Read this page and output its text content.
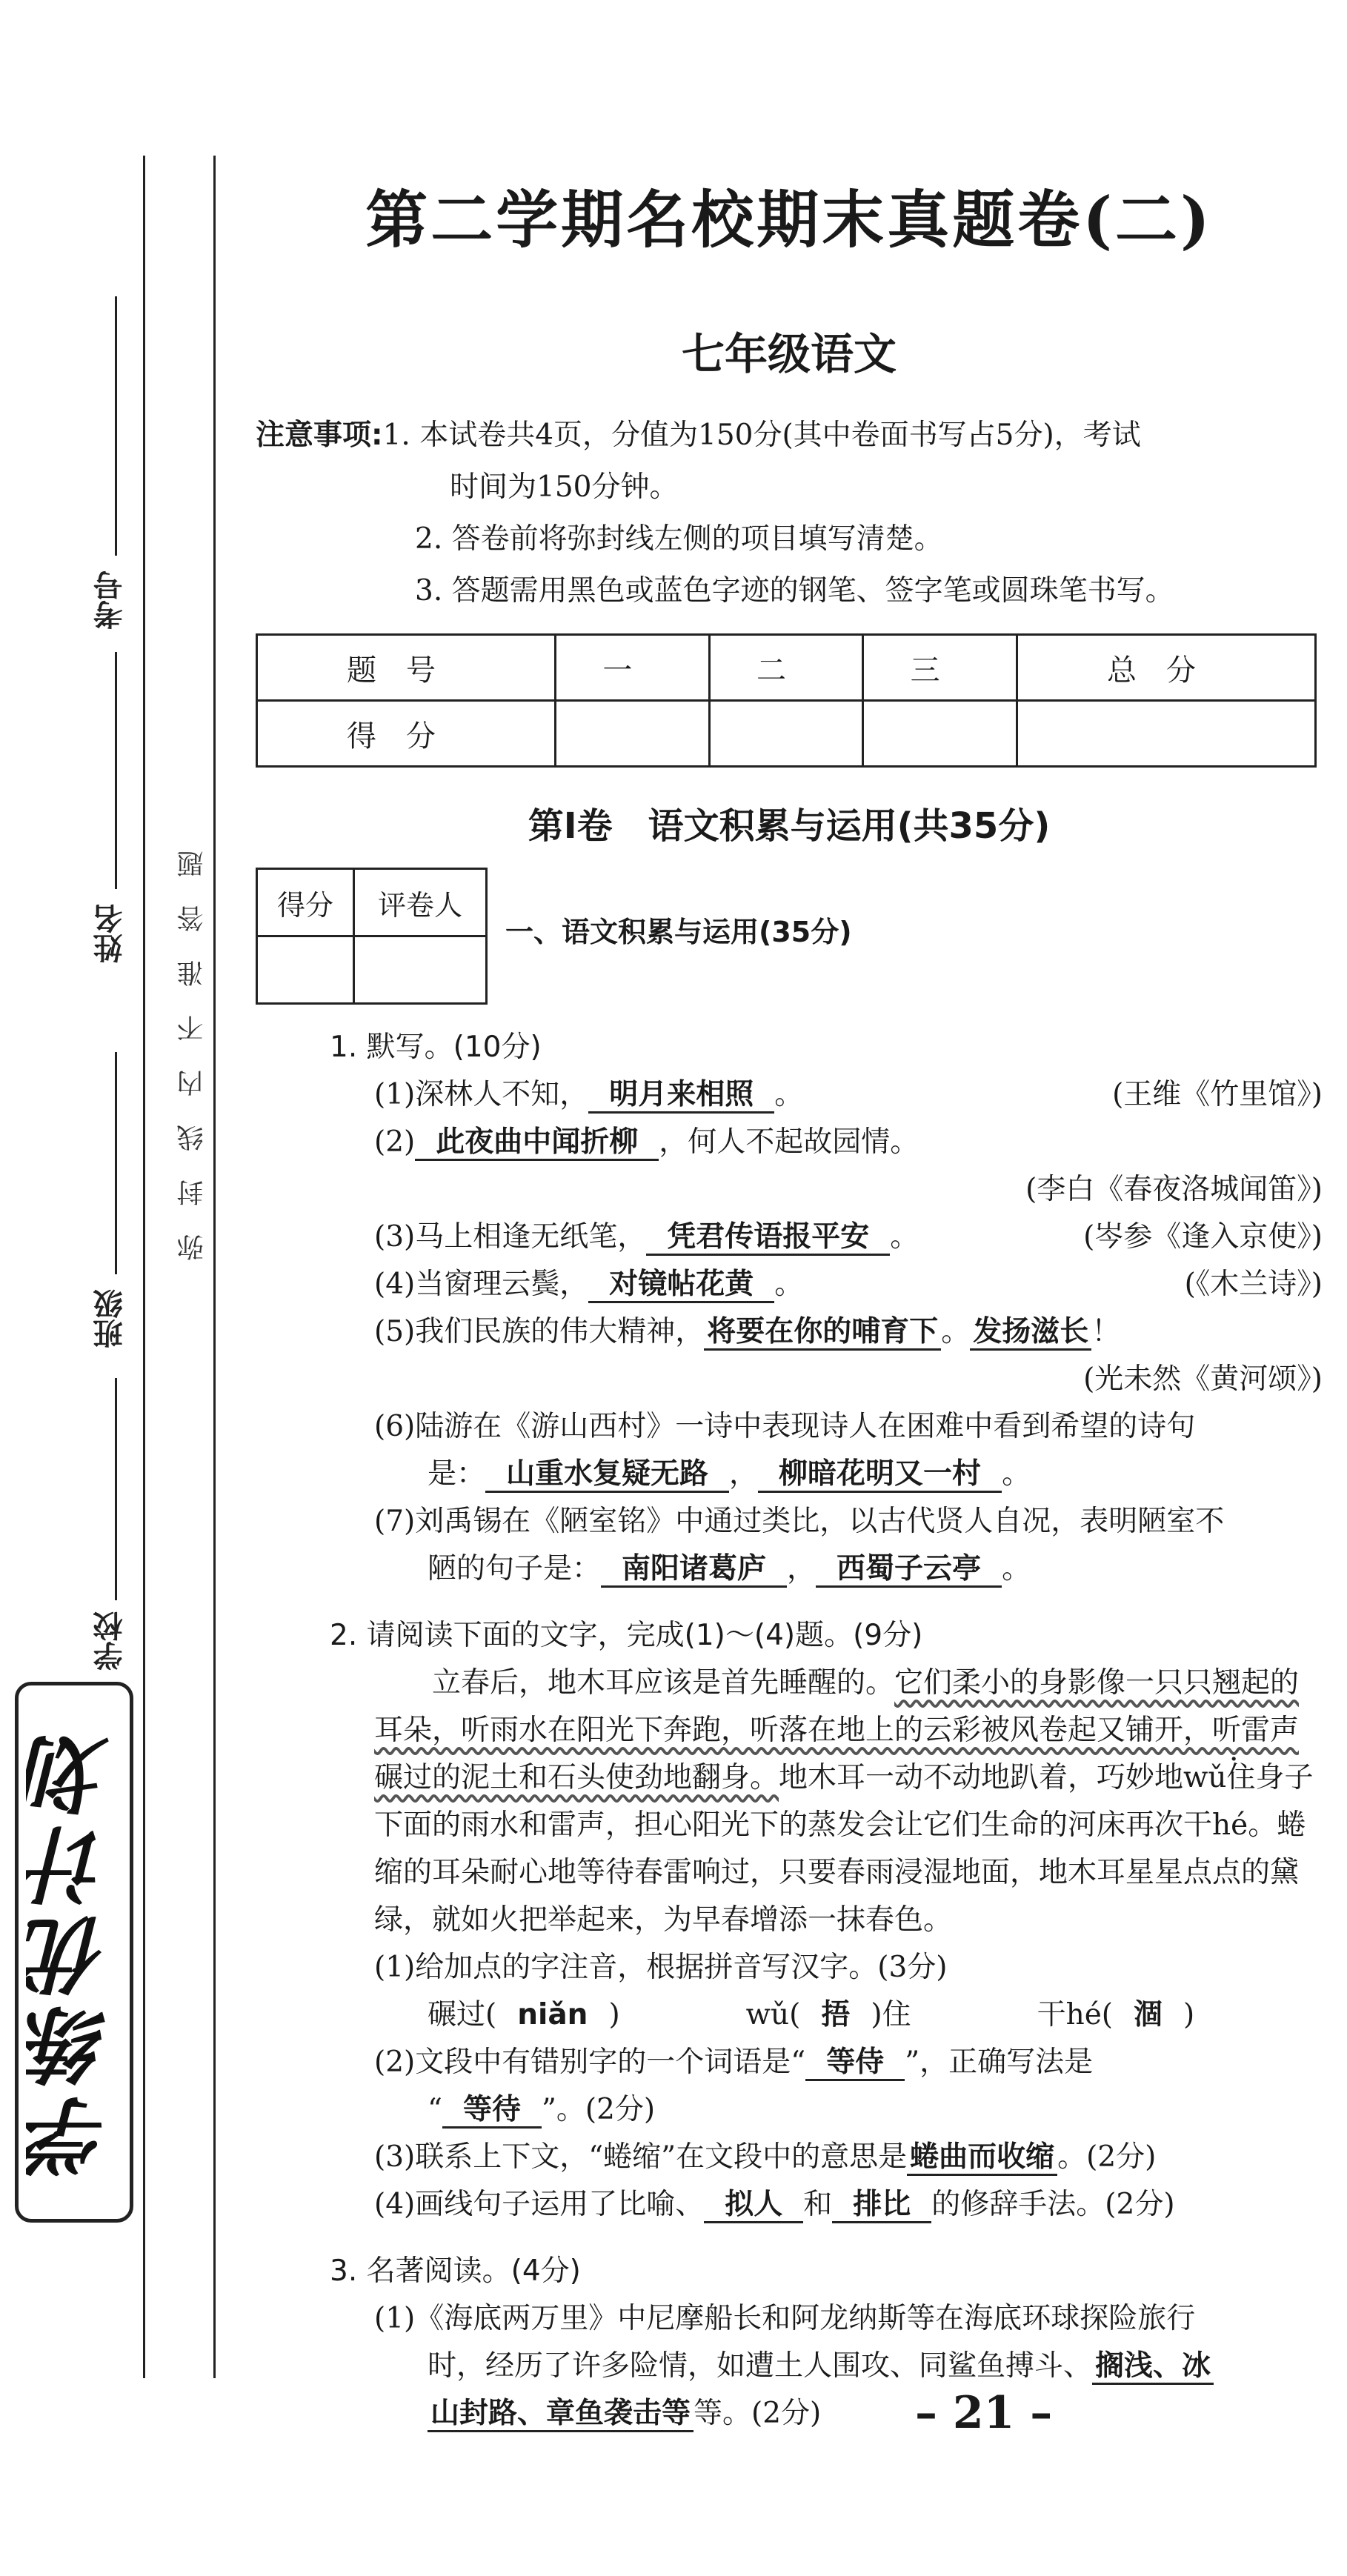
考号
姓名
班级
学校
弥封线内不准答题
学练优计划
第二学期名校期末真题卷(二)
七年级语文
注意事项: 1. 本试卷共4页，分值为150分(其中卷面书写占5分)，考试
时间为150分钟。
2. 答卷前将弥封线左侧的项目填写清楚。
3. 答题需用黑色或蓝色字迹的钢笔、签字笔或圆珠笔书写。
题号	一	二	三	总分
得分				
第Ⅰ卷　语文积累与运用(共35分)
得分	评卷人

一、语文积累与运用(35分)
1. 默写。(10分)
(1)深林人不知， 明月来相照 。	(王维《竹里馆》)
(2) 此夜曲中闻折柳 ，何人不起故园情。
(李白《春夜洛城闻笛》)
(3)马上相逢无纸笔， 凭君传语报平安 。	(岑参《逢入京使》)
(4)当窗理云鬓， 对镜帖花黄 。	(《木兰诗》)
(5)我们民族的伟大精神， 将要在你的哺育下 。 发扬滋长 ！
(光未然《黄河颂》)
(6)陆游在《游山西村》一诗中表现诗人在困难中看到希望的诗句
是： 山重水复疑无路 ， 柳暗花明又一村 。
(7)刘禹锡在《陋室铭》中通过类比，以古代贤人自况，表明陋室不
陋的句子是： 南阳诸葛庐 ， 西蜀子云亭 。
2. 请阅读下面的文字，完成(1)～(4)题。(9分)
立春后，地木耳应该是首先睡醒的。它们柔小的身影像一只只翘起的耳朵，听雨水在阳光下奔跑，听落在地上的云彩被风卷起又铺开，听雷声碾过的泥土和石头使劲地翻身。地木耳一动不动地趴着，巧妙地wǔ ·住身子下面的雨水和雷声，担心阳光下的蒸发会让它们生命的河床再次干hé。蜷缩的耳朵耐心地等待春雷响过，只要春雨浸湿地面，地木耳星星点点的黛绿，就如火把举起来，为早春增添一抹春色。
(1)给加点的字注音，根据拼音写汉字。(3分)
碾过( niǎn )	wǔ( 捂 )住	干hé( 涸 )
(2)文段中有错别字的一个词语是“ 等侍 ”，正确写法是
“ 等待 ”。(2分)
(3)联系上下文，“蜷缩”在文段中的意思是 蜷曲而收缩 。(2分)
(4)画线句子运用了比喻、 拟人 和 排比 的修辞手法。(2分)
3. 名著阅读。(4分)
(1)《海底两万里》中尼摩船长和阿龙纳斯等在海底环球探险旅行
时，经历了许多险情，如遭土人围攻、同鲨鱼搏斗、 搁浅、冰
山封路、章鱼袭击等 等。(2分)	– 21 –
